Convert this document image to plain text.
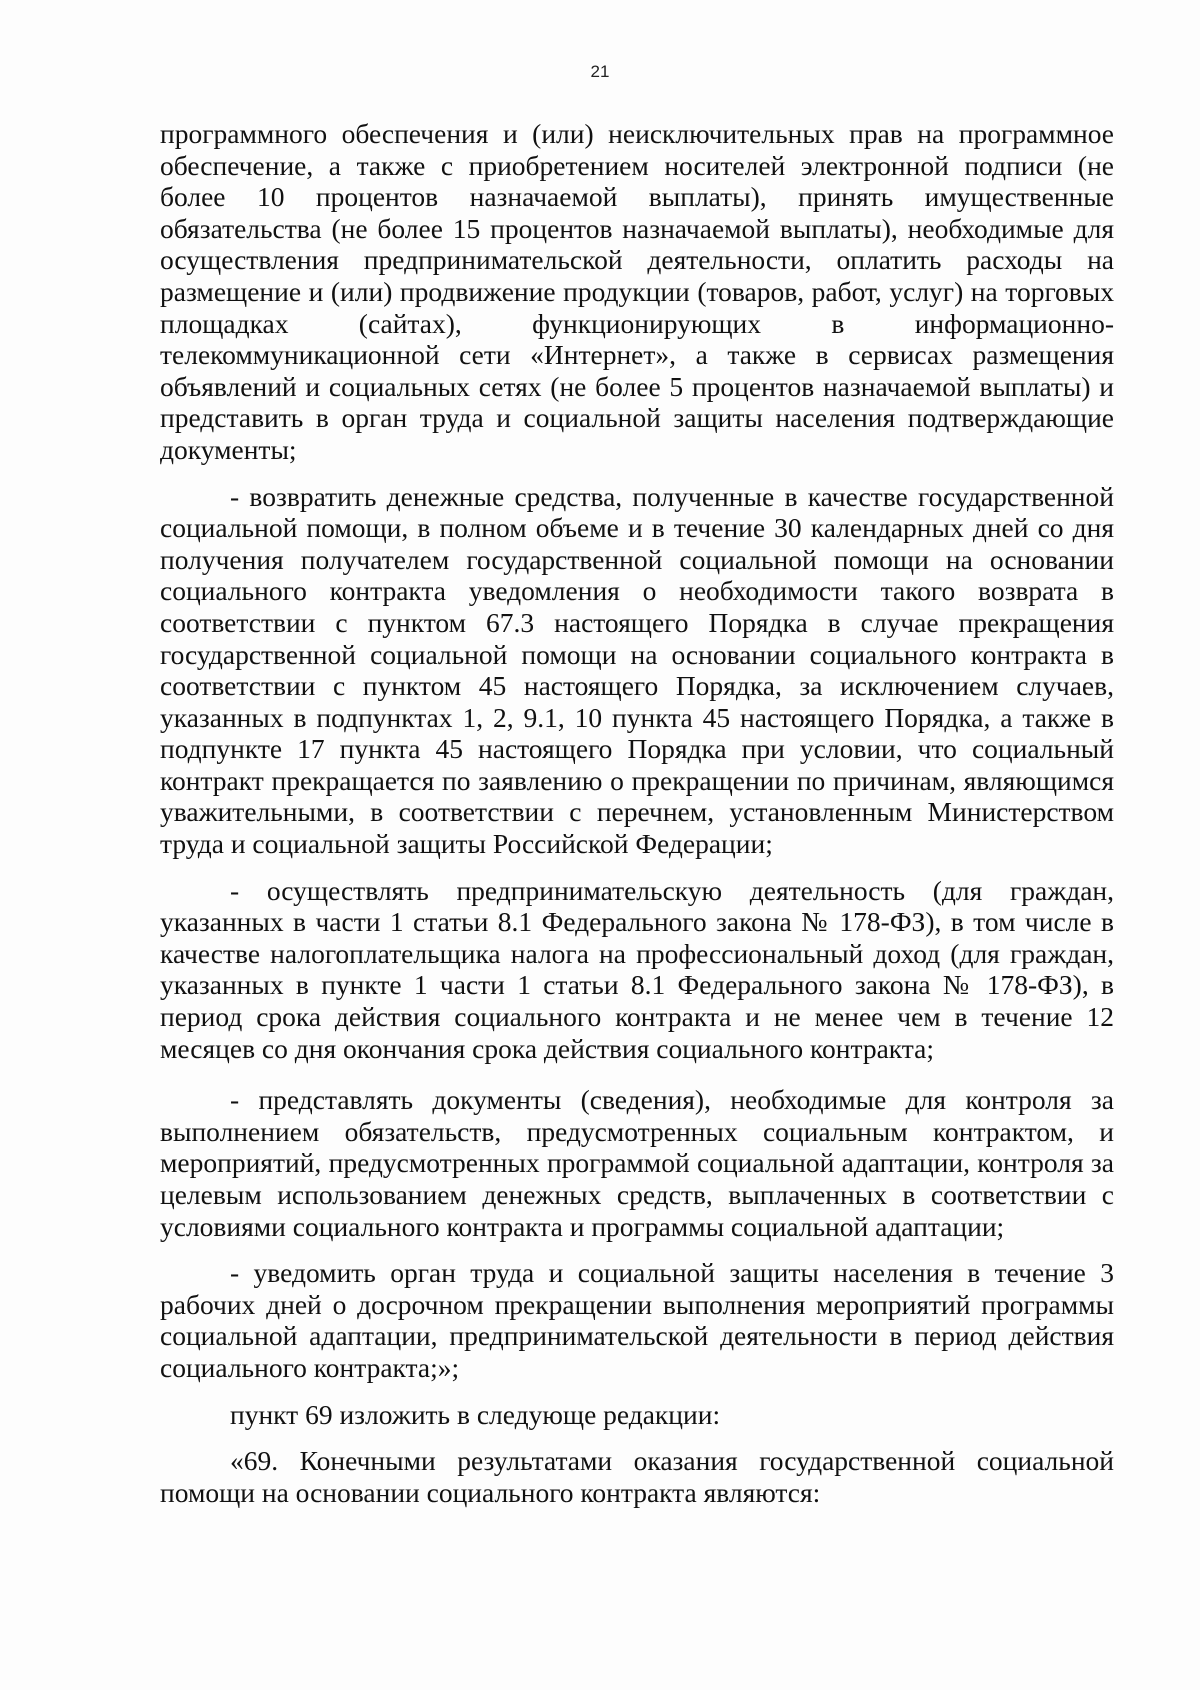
21

программного обеспечения и (или) неисключительных прав на программное обеспечение, а также с приобретением носителей электронной подписи (не более 10 процентов назначаемой выплаты), принять имущественные обязательства (не более 15 процентов назначаемой выплаты), необходимые для осуществления предпринимательской деятельности, оплатить расходы на размещение и (или) продвижение продукции (товаров, работ, услуг) на торговых площадках (сайтах), функционирующих в информационно-телекоммуникационной сети «Интернет», а также в сервисах размещения объявлений и социальных сетях (не более 5 процентов назначаемой выплаты) и представить в орган труда и социальной защиты населения подтверждающие документы;

- возвратить денежные средства, полученные в качестве государственной социальной помощи, в полном объеме и в течение 30 календарных дней со дня получения получателем государственной социальной помощи на основании социального контракта уведомления о необходимости такого возврата в соответствии с пунктом 67.3 настоящего Порядка в случае прекращения государственной социальной помощи на основании социального контракта в соответствии с пунктом 45 настоящего Порядка, за исключением случаев, указанных в подпунктах 1, 2, 9.1, 10 пункта 45 настоящего Порядка, а также в подпункте 17 пункта 45 настоящего Порядка при условии, что социальный контракт прекращается по заявлению о прекращении по причинам, являющимся уважительными, в соответствии с перечнем, установленным Министерством труда и социальной защиты Российской Федерации;

- осуществлять предпринимательскую деятельность (для граждан, указанных в части 1 статьи 8.1 Федерального закона № 178-ФЗ), в том числе в качестве налогоплательщика налога на профессиональный доход (для граждан, указанных в пункте 1 части 1 статьи 8.1 Федерального закона № 178-ФЗ), в период срока действия социального контракта и не менее чем в течение 12 месяцев со дня окончания срока действия социального контракта;

- представлять документы (сведения), необходимые для контроля за выполнением обязательств, предусмотренных социальным контрактом, и мероприятий, предусмотренных программой социальной адаптации, контроля за целевым использованием денежных средств, выплаченных в соответствии с условиями социального контракта и программы социальной адаптации;

- уведомить орган труда и социальной защиты населения в течение 3 рабочих дней о досрочном прекращении выполнения мероприятий программы социальной адаптации, предпринимательской деятельности в период действия социального контракта;»;

пункт 69 изложить в следующе редакции:

«69. Конечными результатами оказания государственной социальной помощи на основании социального контракта являются:
